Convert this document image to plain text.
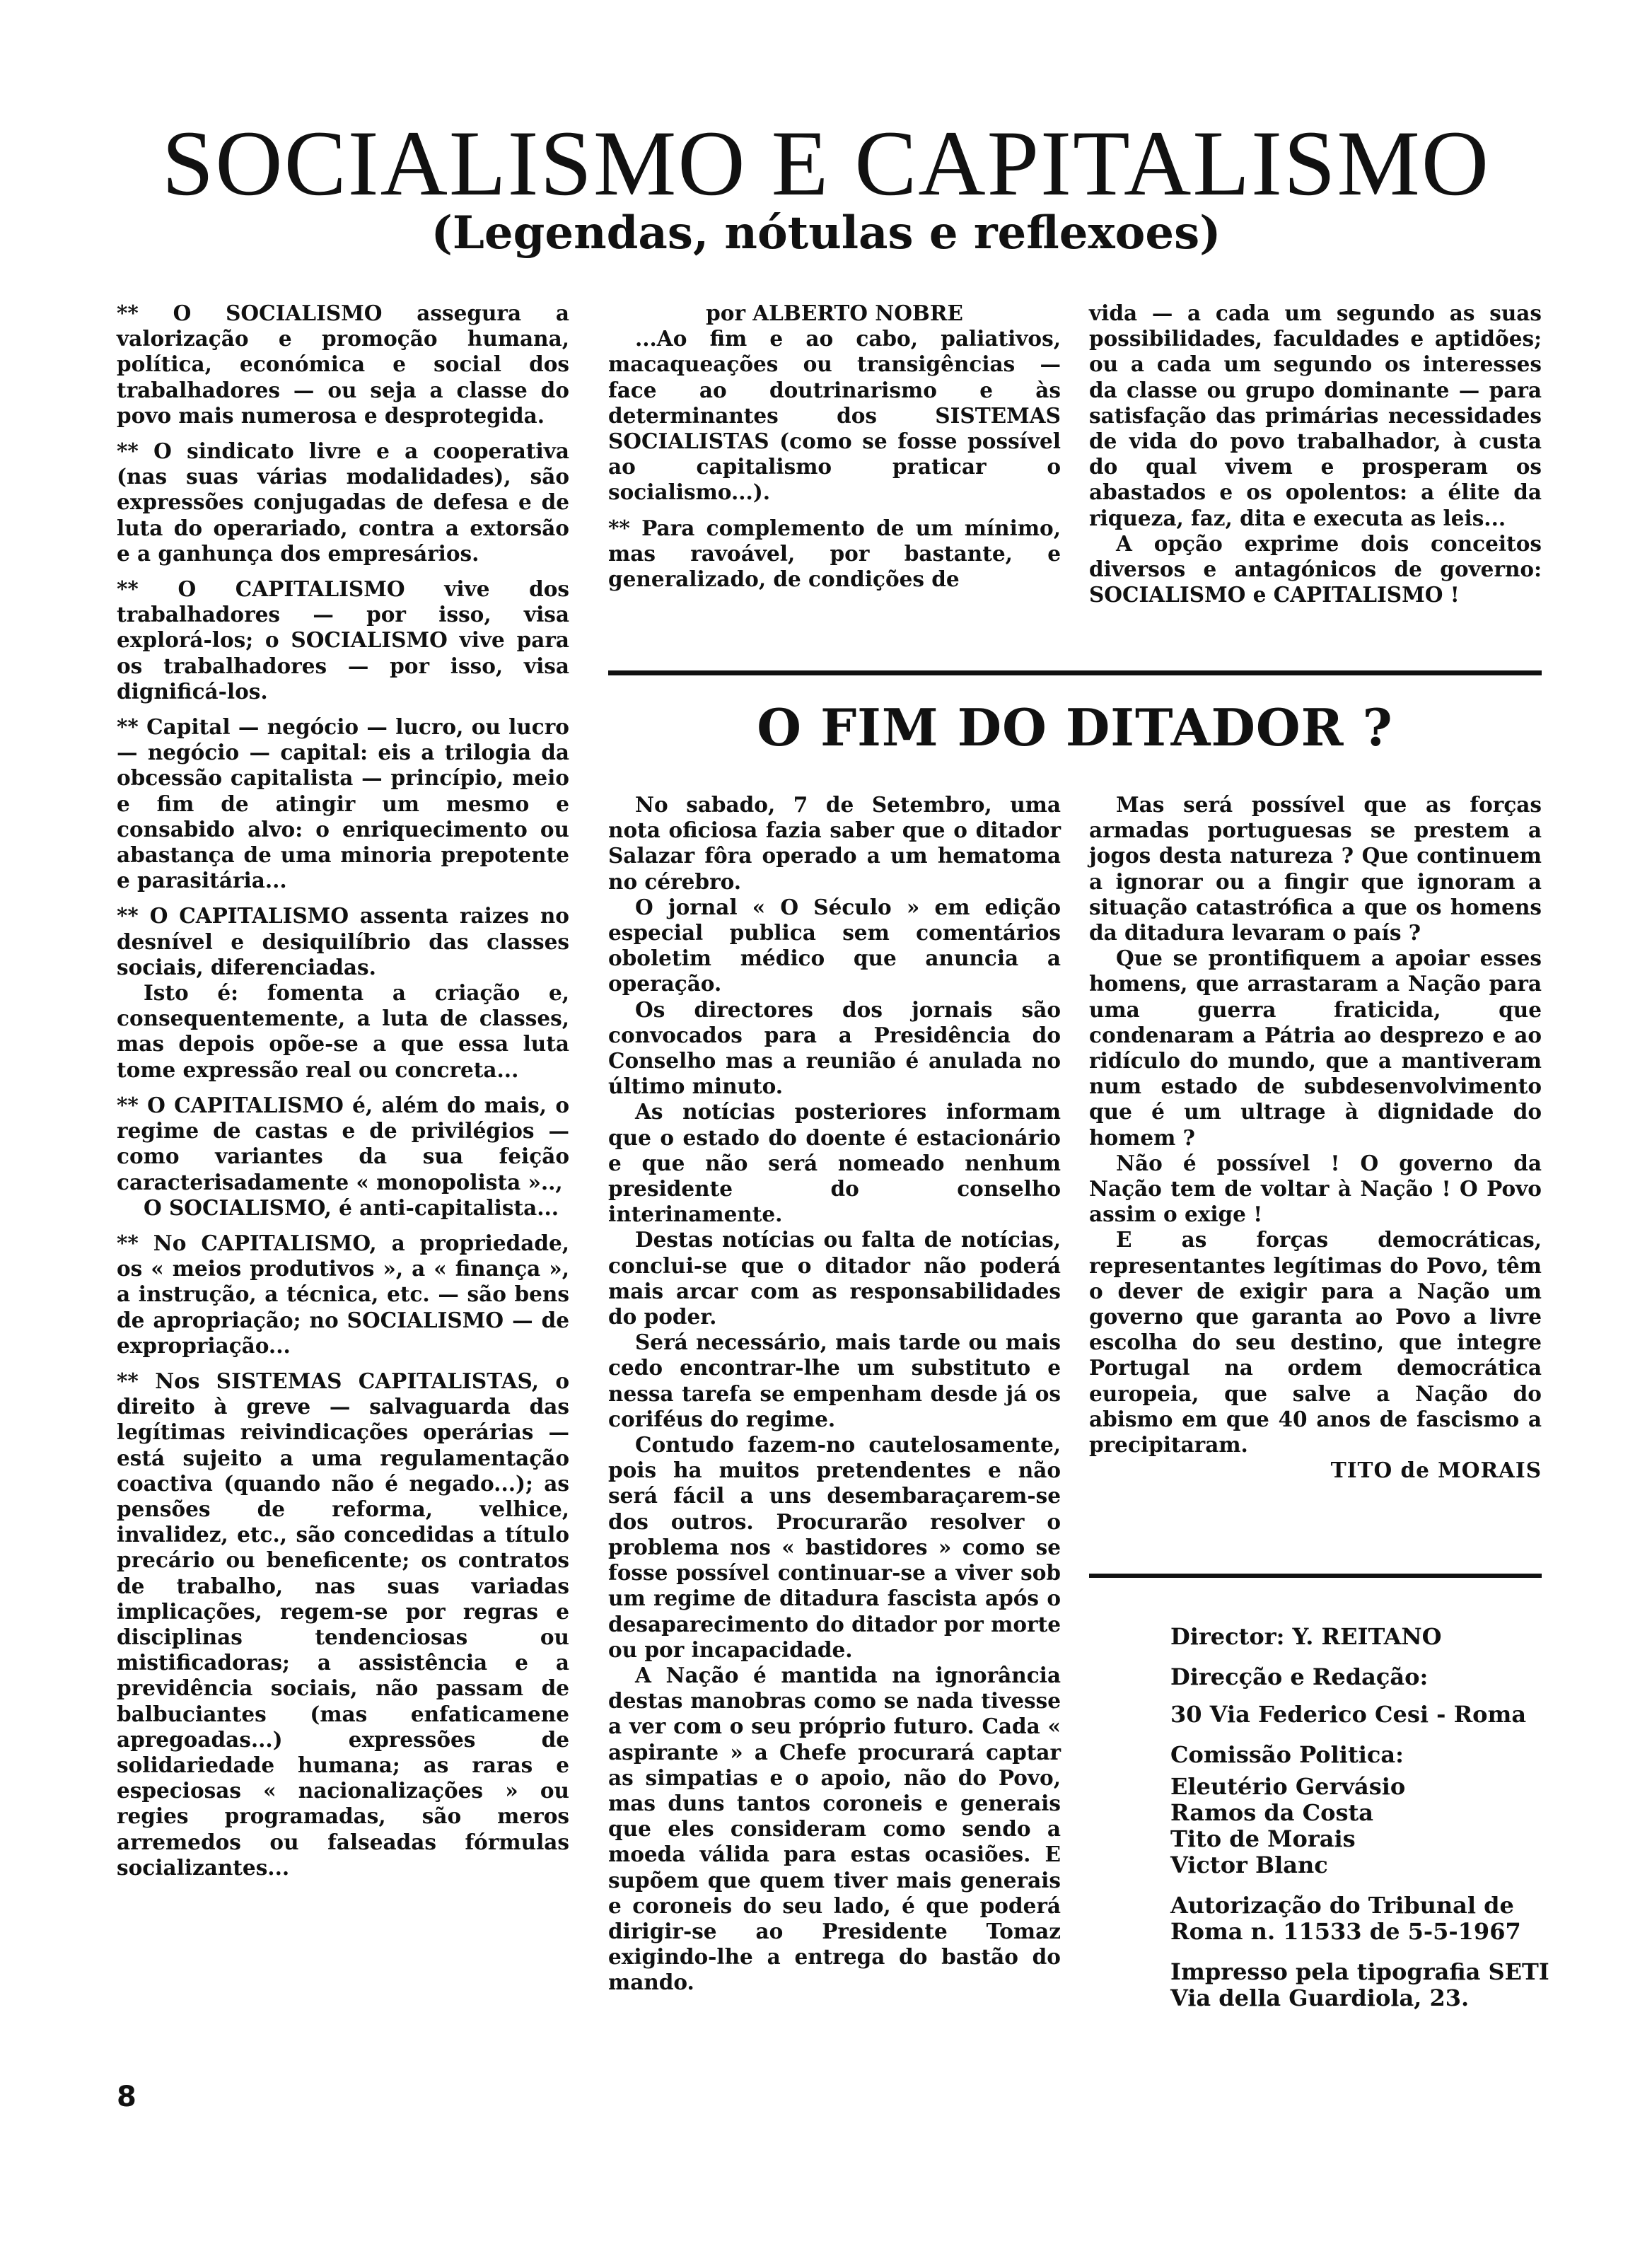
SOCIALISMO E CAPITALISMO
(Legendas, nótulas e reflexoes)

** O SOCIALISMO assegura a valorização e promoção humana, política, económica e social dos trabalhadores — ou seja a classe do povo mais numerosa e desprotegida.

** O sindicato livre e a cooperativa (nas suas várias modalidades), são expressões conjugadas de defesa e de luta do operariado, contra a extorsão e a ganhunça dos empresários.

** O CAPITALISMO vive dos trabalhadores — por isso, visa explorá-los; o SOCIALISMO vive para os trabalhadores — por isso, visa dignificá-los.

** Capital — negócio — lucro, ou lucro — negócio — capital: eis a trilogia da obcessão capitalista — princípio, meio e fim de atingir um mesmo e consabido alvo: o enriquecimento ou abastança de uma minoria prepotente e parasitária...

** O CAPITALISMO assenta raizes no desnível e desiquilíbrio das classes sociais, diferenciadas.

Isto é: fomenta a criação e, consequentemente, a luta de classes, mas depois opõe-se a que essa luta tome expressão real ou concreta...

** O CAPITALISMO é, além do mais, o regime de castas e de privilégios — como variantes da sua feição caracterisadamente « monopolista »..,

O SOCIALISMO, é anti-capitalista...

** No CAPITALISMO, a propriedade, os « meios produtivos », a « finança », a instrução, a técnica, etc. — são bens de apropriação; no SOCIALISMO — de expropriação...

** Nos SISTEMAS CAPITALISTAS, o direito à greve — salvaguarda das legítimas reivindicações operárias — está sujeito a uma regulamentação coactiva (quando não é negado...); as pensões de reforma, velhice, invalidez, etc., são concedidas a título precário ou beneficente; os contratos de trabalho, nas suas variadas implicações, regem-se por regras e disciplinas tendenciosas ou mistificadoras; a assistência e a previdência sociais, não passam de balbuciantes (mas enfaticamene apregoadas...) expressões de solidariedade humana; as raras e especiosas « nacionalizações » ou regies programadas, são meros arremedos ou falseadas fórmulas socializantes...

por ALBERTO NOBRE

...Ao fim e ao cabo, paliativos, macaqueações ou transigências — face ao doutrinarismo e às determinantes dos SISTEMAS SOCIALISTAS (como se fosse possível ao capitalismo praticar o socialismo...).

** Para complemento de um mínimo, mas ravoável, por bastante, e generalizado, de condições de

vida — a cada um segundo as suas possibilidades, faculdades e aptidões; ou a cada um segundo os interesses da classe ou grupo dominante — para satisfação das primárias necessidades de vida do povo trabalhador, à custa do qual vivem e prosperam os abastados e os opolentos: a élite da riqueza, faz, dita e executa as leis...

A opção exprime dois conceitos diversos e antagónicos de governo: SOCIALISMO e CAPITALISMO !

O FIM DO DITADOR ?

No sabado, 7 de Setembro, uma nota oficiosa fazia saber que o ditador Salazar fôra operado a um hematoma no cérebro.

O jornal « O Século » em edição especial publica sem comentários oboletim médico que anuncia a operação.

Os directores dos jornais são convocados para a Presidência do Conselho mas a reunião é anulada no último minuto.

As notícias posteriores informam que o estado do doente é estacionário e que não será nomeado nenhum presidente do conselho interinamente.

Destas notícias ou falta de notícias, conclui-se que o ditador não poderá mais arcar com as responsabilidades do poder.

Será necessário, mais tarde ou mais cedo encontrar-lhe um substituto e nessa tarefa se empenham desde já os coriféus do regime.

Contudo fazem-no cautelosamente, pois ha muitos pretendentes e não será fácil a uns desembaraçarem-se dos outros. Procurarão resolver o problema nos « bastidores » como se fosse possível continuar-se a viver sob um regime de ditadura fascista após o desaparecimento do ditador por morte ou por incapacidade.

A Nação é mantida na ignorância destas manobras como se nada tivesse a ver com o seu próprio futuro. Cada « aspirante » a Chefe procurará captar as simpatias e o apoio, não do Povo, mas duns tantos coroneis e generais que eles consideram como sendo a moeda válida para estas ocasiões. E supõem que quem tiver mais generais e coroneis do seu lado, é que poderá dirigir-se ao Presidente Tomaz exigindo-lhe a entrega do bastão do mando.

Mas será possível que as forças armadas portuguesas se prestem a jogos desta natureza ? Que continuem a ignorar ou a fingir que ignoram a situação catastrófica a que os homens da ditadura levaram o país ?

Que se prontifiquem a apoiar esses homens, que arrastaram a Nação para uma guerra fraticida, que condenaram a Pátria ao desprezo e ao ridículo do mundo, que a mantiveram num estado de subdesenvolvimento que é um ultrage à dignidade do homem ?

Não é possível ! O governo da Nação tem de voltar à Nação ! O Povo assim o exige !

E as forças democráticas, representantes legítimas do Povo, têm o dever de exigir para a Nação um governo que garanta ao Povo a livre escolha do seu destino, que integre Portugal na ordem democrática europeia, que salve a Nação do abismo em que 40 anos de fascismo a precipitaram.

TITO de MORAIS

Director: Y. REITANO
Direcção e Redação:
30 Via Federico Cesi - Roma
Comissão Politica:
Eleutério Gervásio
Ramos da Costa
Tito de Morais
Victor Blanc
Autorização do Tribunal de
Roma n. 11533 de 5-5-1967
Impresso pela tipografia SETI
Via della Guardiola, 23.
8
